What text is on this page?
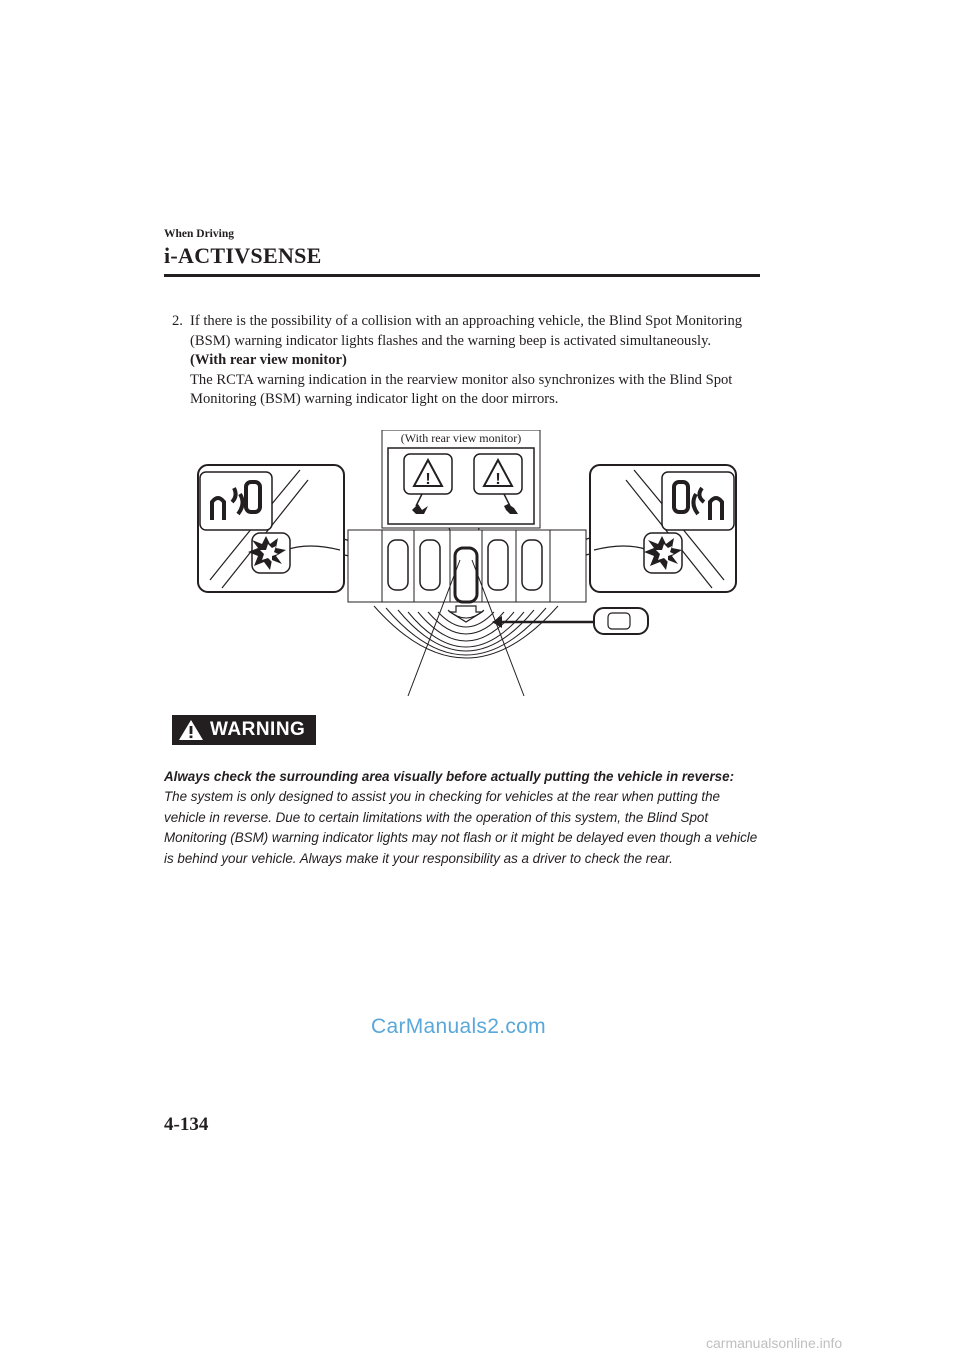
When Driving
i-ACTIVSENSE
2. If there is the possibility of a collision with an approaching vehicle, the Blind Spot Monitoring (BSM) warning indicator lights flashes and the warning beep is activated simultaneously.
(With rear view monitor)
The RCTA warning indication in the rearview monitor also synchronizes with the Blind Spot Monitoring (BSM) warning indicator light on the door mirrors.
(With rear view monitor)
!	!
WARNING
Always check the surrounding area visually before actually putting the vehicle in reverse:
The system is only designed to assist you in checking for vehicles at the rear when putting the vehicle in reverse. Due to certain limitations with the operation of this system, the Blind Spot Monitoring (BSM) warning indicator lights may not flash or it might be delayed even though a vehicle is behind your vehicle. Always make it your responsibility as a driver to check the rear.
CarManuals2.com
4-134
carmanualsonline.info
